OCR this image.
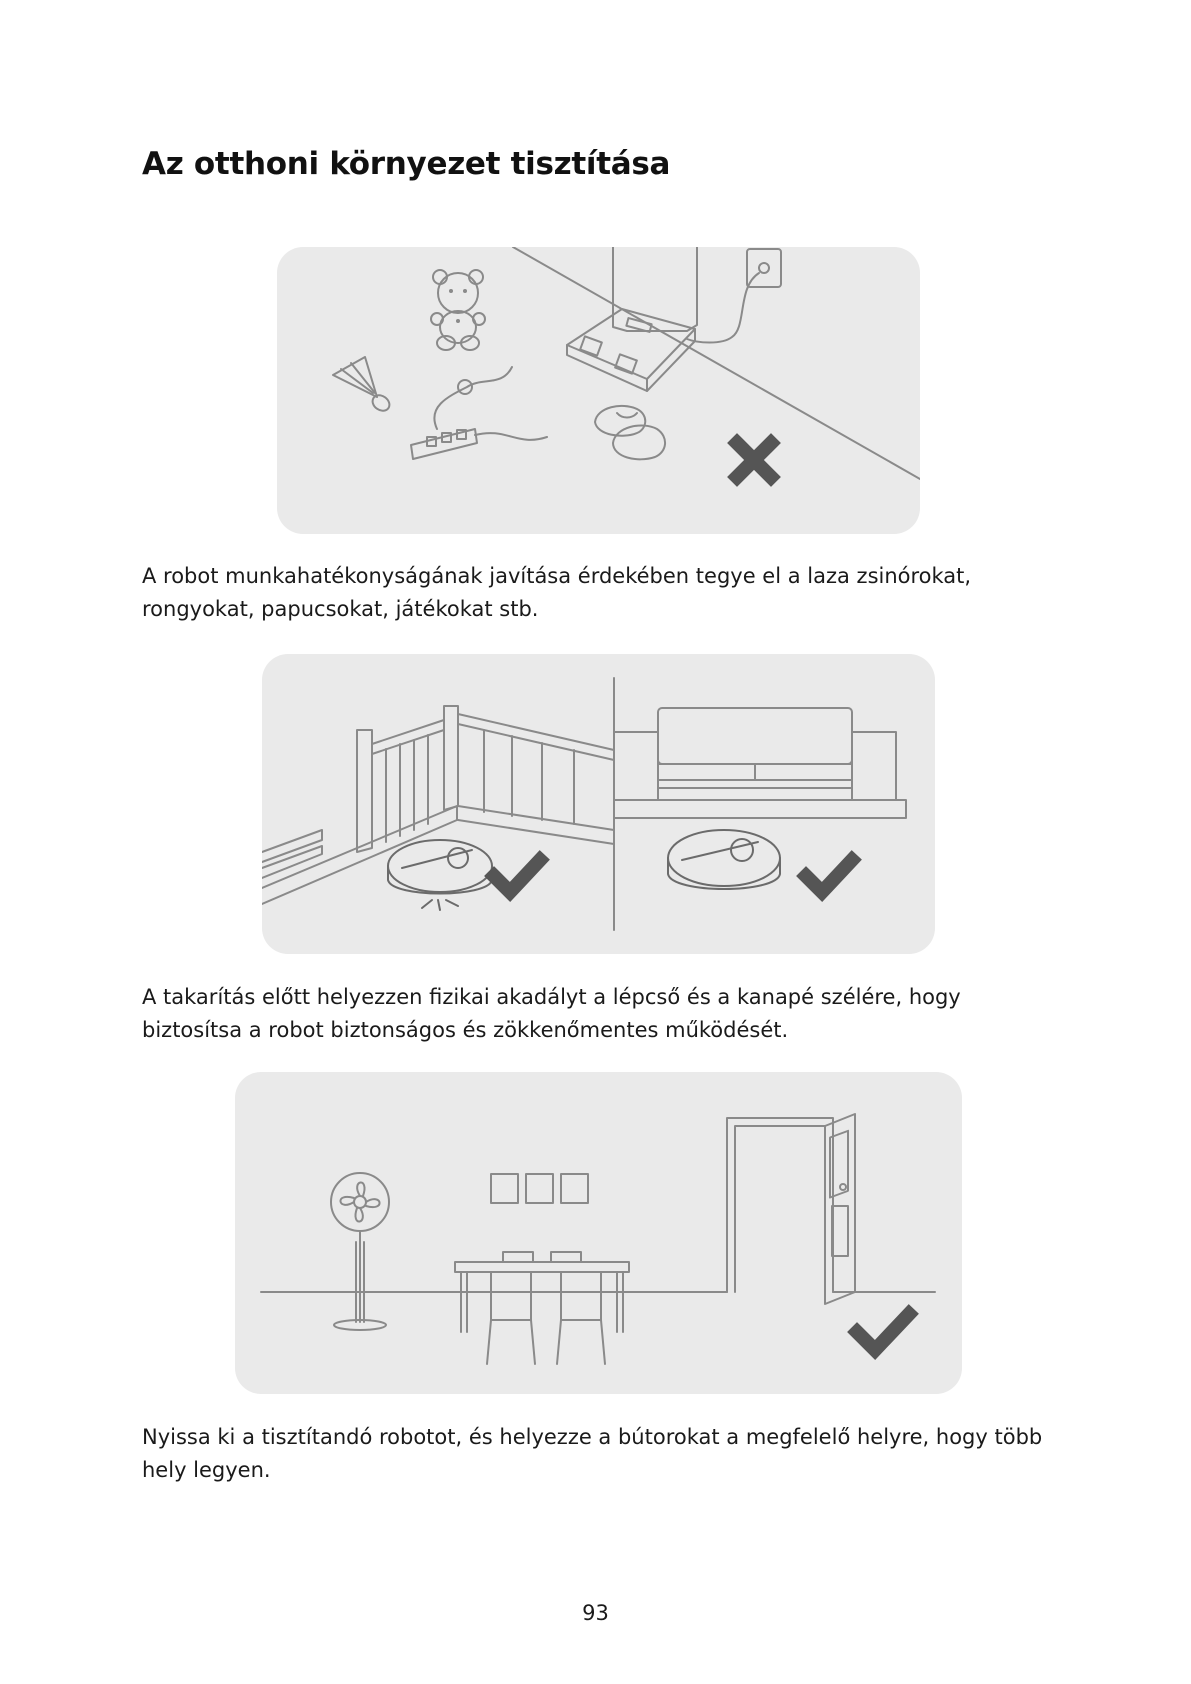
Az otthoni környezet tisztítása

A robot munkahatékonyságának javítása érdekében tegye el a laza zsinórokat, rongyokat, papucsokat, játékokat stb.

A takarítás előtt helyezzen fizikai akadályt a lépcső és a kanapé szélére, hogy biztosítsa a robot biztonságos és zökkenőmentes működését.

Nyissa ki a tisztítandó robotot, és helyezze a bútorokat a megfelelő helyre, hogy több hely legyen.

93
